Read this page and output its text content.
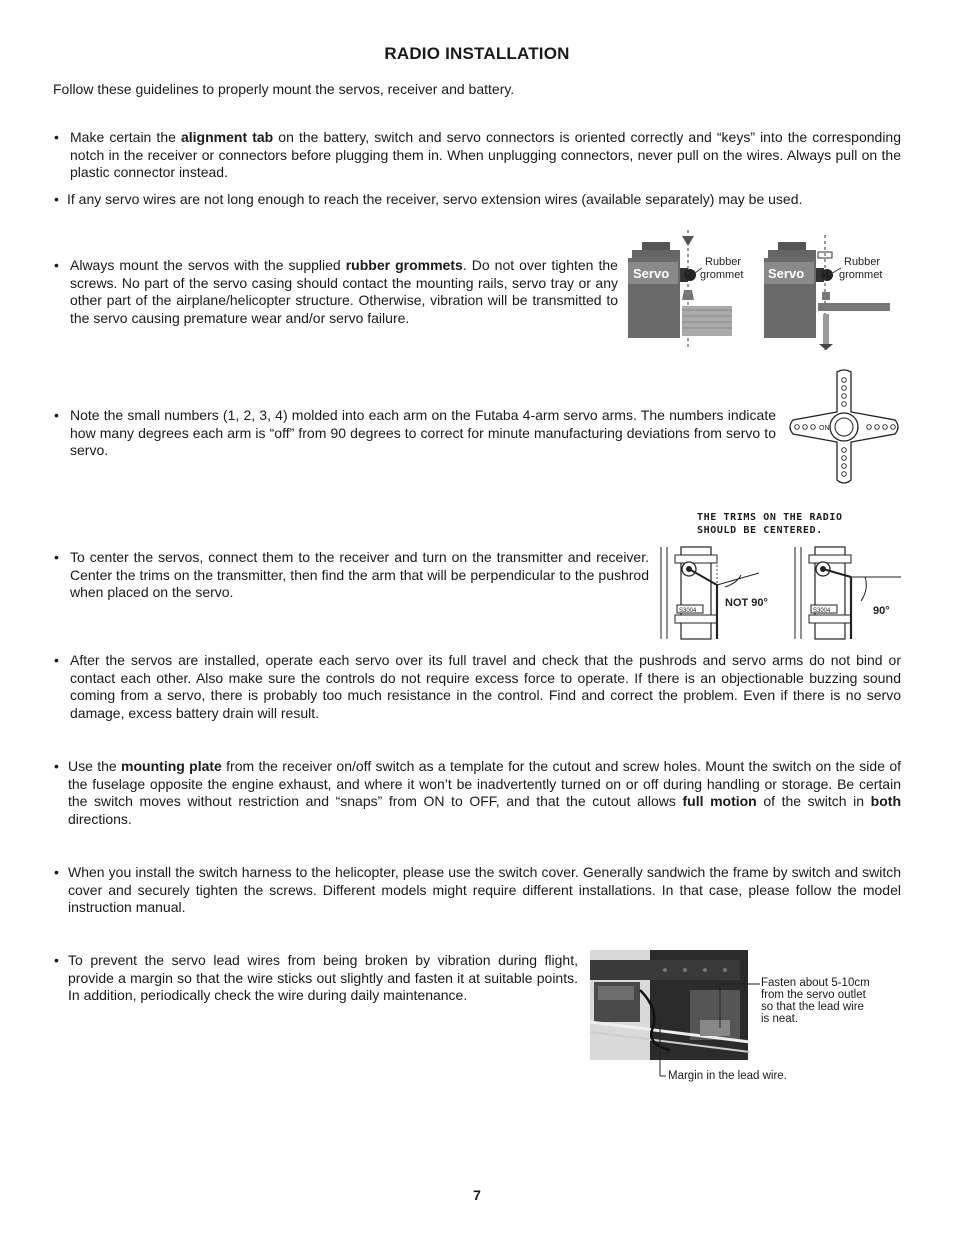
RADIO INSTALLATION
Follow these guidelines to properly mount the servos, receiver and battery.
• Make certain the alignment tab on the battery, switch and servo connectors is oriented correctly and “keys” into the corresponding notch in the receiver or connectors before plugging them in. When unplugging connectors, never pull on the wires. Always pull on the plastic connector instead.
• If any servo wires are not long enough to reach the receiver, servo extension wires (available separately) may be used.
• Always mount the servos with the supplied rubber grommets. Do not over tighten the screws. No part of the servo casing should contact the mounting rails, servo tray or any other part of the airplane/helicopter structure. Otherwise, vibration will be transmitted to the servo causing premature wear and/or servo failure.
Servo
Rubber
grommet Servo
Rubber
grommet
• Note the small numbers (1, 2, 3, 4) molded into each arm on the Futaba 4-arm servo arms. The numbers indicate how many degrees each arm is “off” from 90 degrees to correct for minute manufacturing deviations from servo to servo.
ON
THE TRIMS ON THE RADIO
SHOULD BE CENTERED.
• To center the servos, connect them to the receiver and turn on the transmitter and receiver. Center the trims on the transmitter, then find the arm that will be perpendicular to the pushrod when placed on the servo.
S3004
NOT 90°
S3004	90°
• After the servos are installed, operate each servo over its full travel and check that the pushrods and servo arms do not bind or contact each other. Also make sure the controls do not require excess force to operate. If there is an objectionable buzzing sound coming from a servo, there is probably too much resistance in the control. Find and correct the problem. Even if there is no servo damage, excess battery drain will result.
• Use the mounting plate from the receiver on/off switch as a template for the cutout and screw holes. Mount the switch on the side of the fuselage opposite the engine exhaust, and where it won’t be inadvertently turned on or off during handling or storage. Be certain the switch moves without restriction and “snaps” from ON to OFF, and that the cutout allows full motion of the switch in both directions.
• When you install the switch harness to the helicopter, please use the switch cover. Generally sandwich the frame by switch and switch cover and securely tighten the screws. Different models might require different installations. In that case, please follow the model instruction manual.
• To prevent the servo lead wires from being broken by vibration during flight, provide a margin so that the wire sticks out slightly and fasten it at suitable points. In addition, periodically check the wire during daily maintenance.
Fasten about 5-10cm
from the servo outlet
so that the lead wire
is neat.
Margin in the lead wire.
7
